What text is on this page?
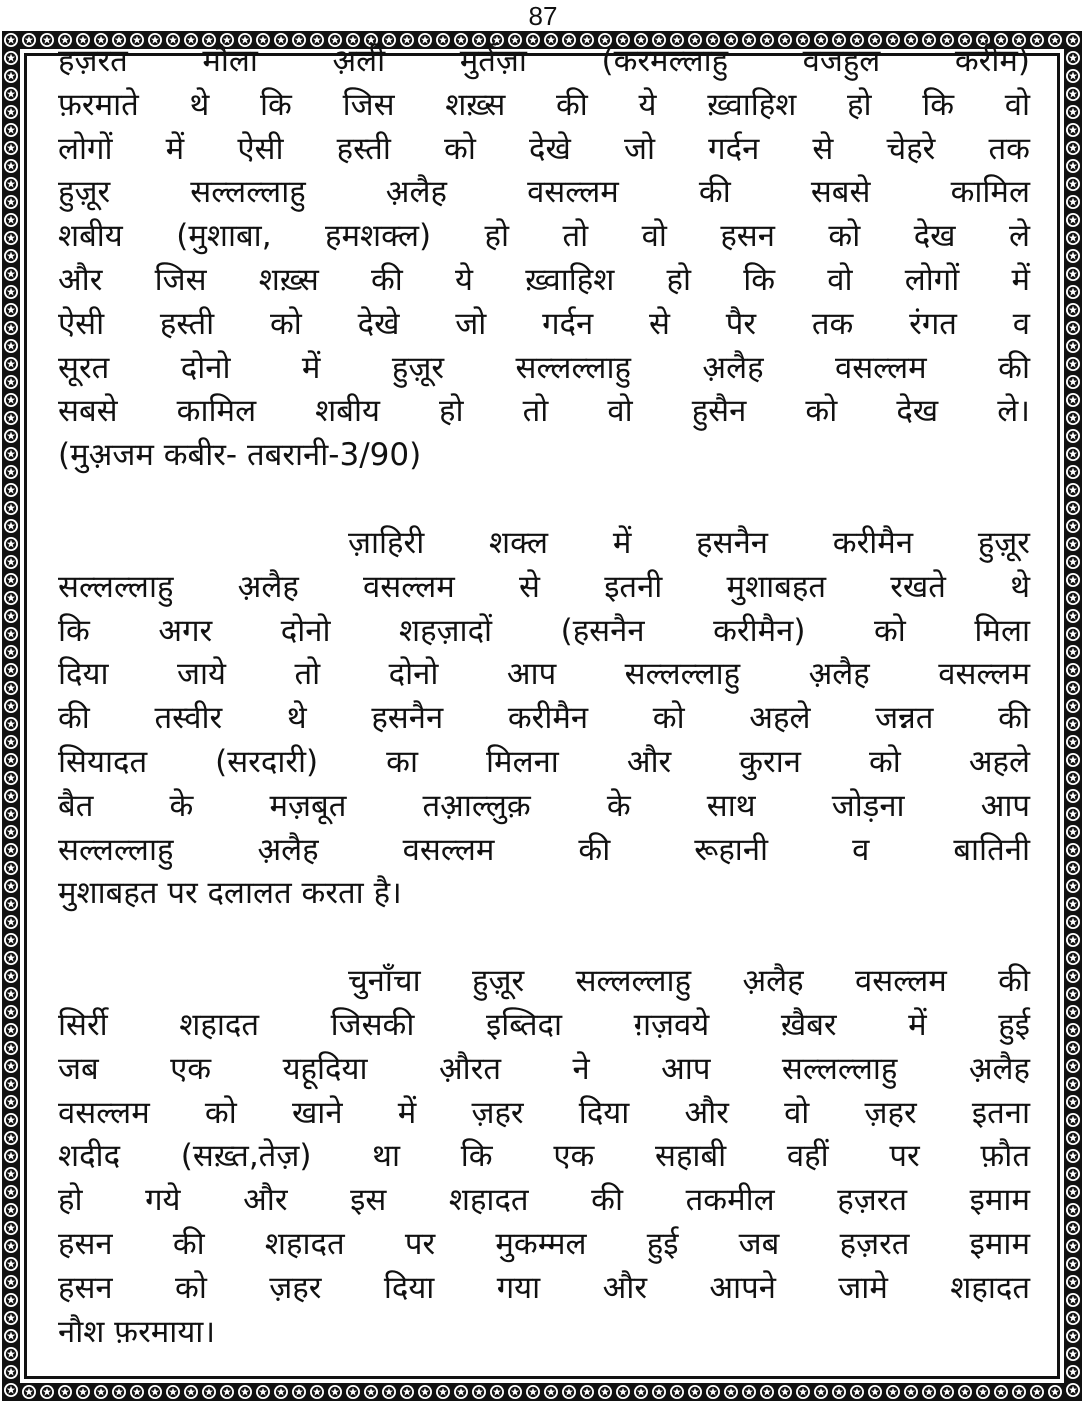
87
हज़रत मौला अ़ली मुर्तज़ा (करमल्लाहु वजहुल करीम)
फ़रमाते थे कि जिस शख़्स की ये ख़्वाहिश हो कि वो
लोगों में ऐसी हस्ती को देखे जो गर्दन से चेहरे तक
हुज़ूर सल्लल्लाहु अ़लैह वसल्लम की सबसे कामिल
शबीय (मुशाबा, हमशक्ल) हो तो वो हसन को देख ले
और जिस शख़्स की ये ख़्वाहिश हो कि वो लोगों में
ऐसी हस्ती को देखे जो गर्दन से पैर तक रंगत व
सूरत दोनो में हुज़ूर सल्लल्लाहु अ़लैह वसल्लम की
सबसे कामिल शबीय हो तो वो हुसैन को देख ले।
(मुअ़जम कबीर- तबरानी-3/90)
ज़ाहिरी शक्ल में हसनैन करीमैन हुज़ूर
सल्लल्लाहु अ़लैह वसल्लम से इतनी मुशाबहत रखते थे
कि अगर दोनो शहज़ादों (हसनैन करीमैन) को मिला
दिया जाये तो दोनो आप सल्लल्लाहु अ़लैह वसल्लम
की तस्वीर थे हसनैन करीमैन को अहले जन्नत की
सियादत (सरदारी) का मिलना और कुरान को अहले
बैत के मज़बूत तअ़ाल्लुक़ के साथ जोड़ना आप
सल्लल्लाहु अ़लैह वसल्लम की रूहानी व बातिनी
मुशाबहत पर दलालत करता है।
चुनाँचा हुज़ूर सल्लल्लाहु अ़लैह वसल्लम की
सिर्री शहादत जिसकी इब्तिदा ग़ज़वये ख़ैबर में हुई
जब एक यहूदिया अ़ौरत ने आप सल्लल्लाहु अ़लैह
वसल्लम को खाने में ज़हर दिया और वो ज़हर इतना
शदीद (सख़्त,तेज़) था कि एक सहाबी वहीं पर फ़ौत
हो गये और इस शहादत की तकमील हज़रत इमाम
हसन की शहादत पर मुकम्मल हुई जब हज़रत इमाम
हसन को ज़हर दिया गया और आपने जामे शहादत
नौश फ़रमाया।
